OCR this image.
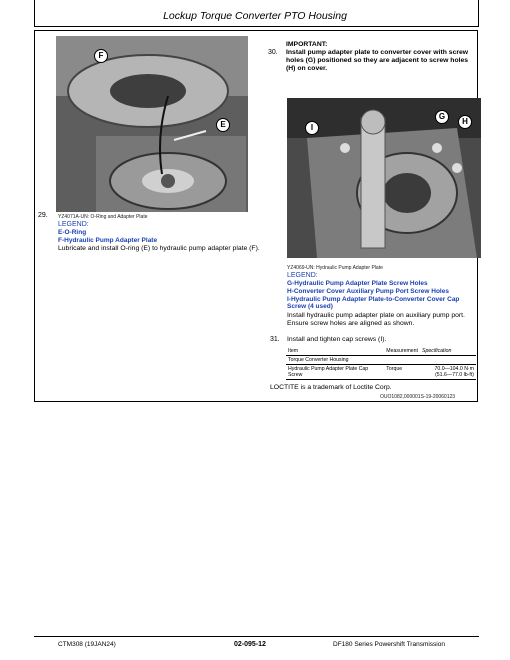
Lockup Torque Converter PTO Housing
F
E
29. YZ4071A-UN: O-Ring and Adapter Plate
LEGEND:
E-O-Ring
F-Hydraulic Pump Adapter Plate
Lubricate and install O-ring (E) to hydraulic pump adapter plate (F).
IMPORTANT:
30. Install pump adapter plate to converter cover with screw holes (G) positioned so they are adjacent to screw holes (H) on cover.
I
G
H
YZ4069-UN: Hydraulic Pump Adapter Plate
LEGEND:
G-Hydraulic Pump Adapter Plate Screw Holes
H-Converter Cover Auxiliary Pump Port Screw Holes
I-Hydraulic Pump Adapter Plate-to-Converter Cover Cap Screw (4 used)
Install hydraulic pump adapter plate on auxiliary pump port. Ensure screw holes are aligned as shown.
31. Install and tighten cap screws (I).
Item	Measurement	Specification
Torque Converter Housing		
Hydraulic Pump Adapter Plate Cap Screw	Torque	70.0—104.0 N·m (51.6—77.0 lb-ft)
LOCTITE is a trademark of Loctite Corp.
OUO1082,000001S-19-20060123
CTM308 (19JAN24)	02-095-12	DF180 Series Powershift Transmission
